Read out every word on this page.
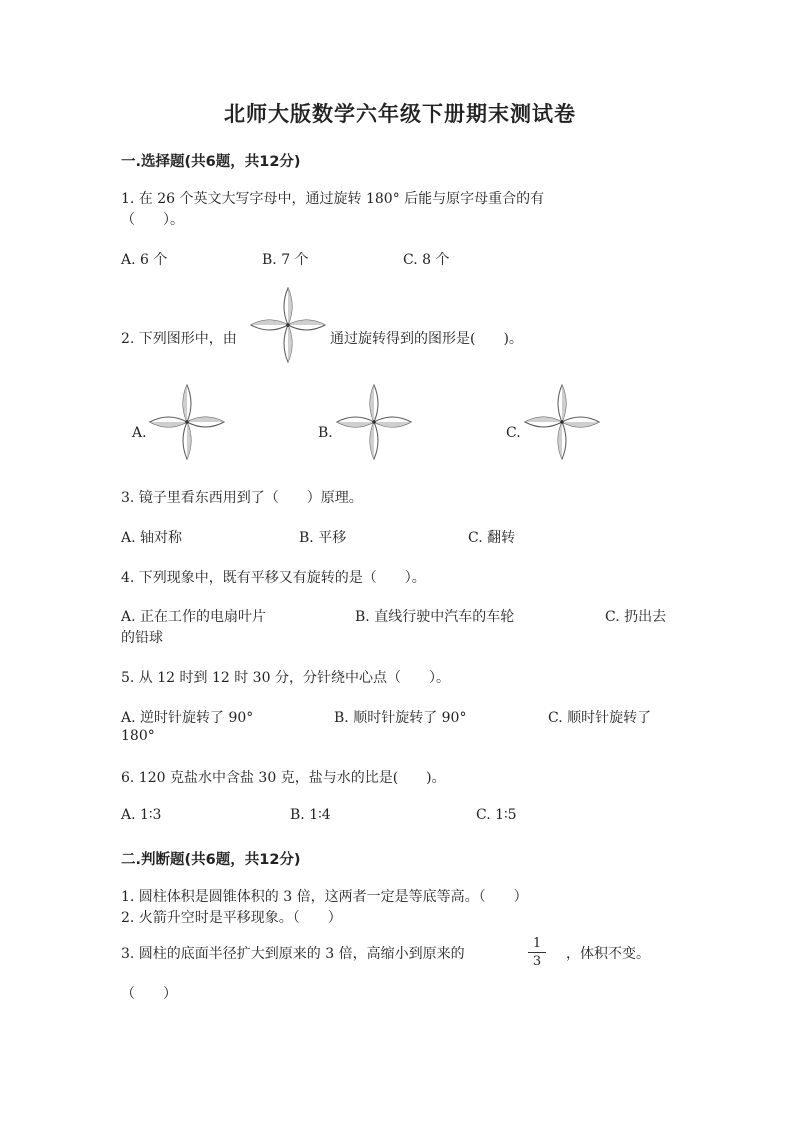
北师大版数学六年级下册期末测试卷
一.选择题(共6题，共12分)
1. 在 26 个英文大写字母中，通过旋转 180° 后能与原字母重合的有
（　　）。
A. 6 个	B. 7 个	C. 8 个
2. 下列图形中，由	通过旋转得到的图形是(　　)。
A.	B.	C.
3. 镜子里看东西用到了（　　）原理。
A. 轴对称	B. 平移	C. 翻转
4. 下列现象中，既有平移又有旋转的是（　　）。
A. 正在工作的电扇叶片	B. 直线行驶中汽车的车轮	C. 扔出去
的铅球
5. 从 12 时到 12 时 30 分，分针绕中心点（　　）。
A. 逆时针旋转了 90°	B. 顺时针旋转了 90°	C. 顺时针旋转了
180°
6. 120 克盐水中含盐 30 克，盐与水的比是(　　)。
A. 1∶3	B. 1∶4	C. 1∶5
二.判断题(共6题，共12分)
1. 圆柱体积是圆锥体积的 3 倍，这两者一定是等底等高。（　　）
2. 火箭升空时是平移现象。（　　）
3. 圆柱的底面半径扩大到原来的 3 倍，高缩小到原来的
1
3	，体积不变。
（　　）
